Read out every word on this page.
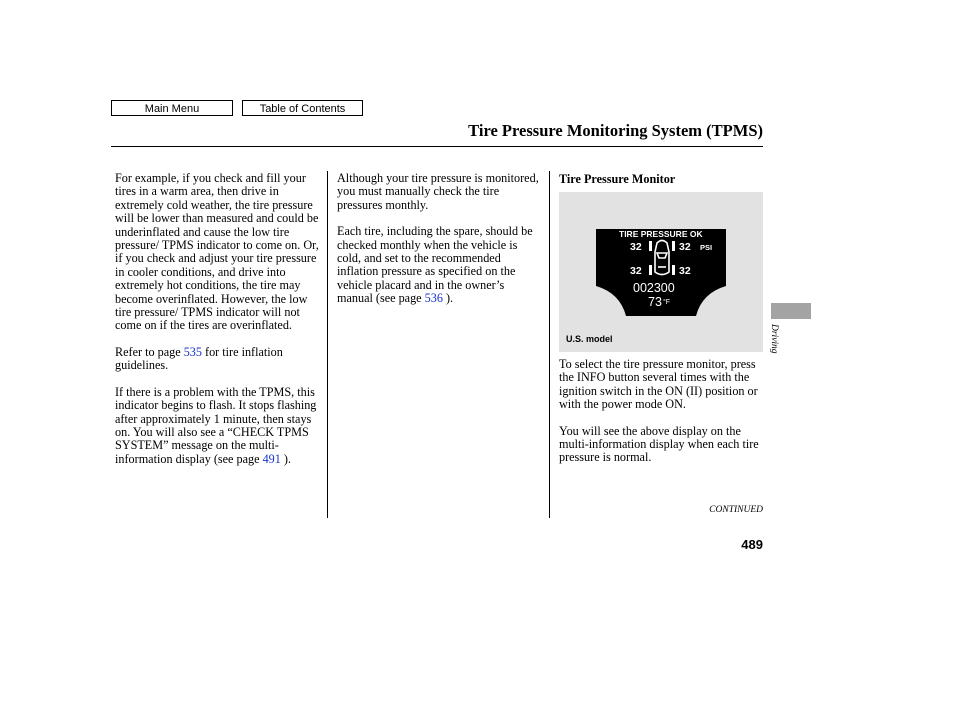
Main Menu	Table of Contents
Tire Pressure Monitoring System (TPMS)

For example, if you check and fill your tires in a warm area, then drive in extremely cold weather, the tire pressure will be lower than measured and could be underinflated and cause the low tire pressure/ TPMS indicator to come on. Or, if you check and adjust your tire pressure in cooler conditions, and drive into extremely hot conditions, the tire may become overinflated. However, the low tire pressure/ TPMS indicator will not come on if the tires are overinflated.

Refer to page 535 for tire inflation guidelines.

If there is a problem with the TPMS, this indicator begins to flash. It stops flashing after approximately 1 minute, then stays on. You will also see a “CHECK TPMS SYSTEM” message on the multi-information display (see page 491 ).

Although your tire pressure is monitored, you must manually check the tire pressures monthly.

Each tire, including the spare, should be checked monthly when the vehicle is cold, and set to the recommended inflation pressure as specified on the vehicle placard and in the owner’s manual (see page 536 ).

Tire Pressure Monitor
TIRE PRESSURE OK
32	32 PSI
32	32
002300
73 °F
U.S. model

To select the tire pressure monitor, press the INFO button several times with the ignition switch in the ON (II) position or with the power mode ON.

You will see the above display on the multi-information display when each tire pressure is normal.

Driving
CONTINUED
489
